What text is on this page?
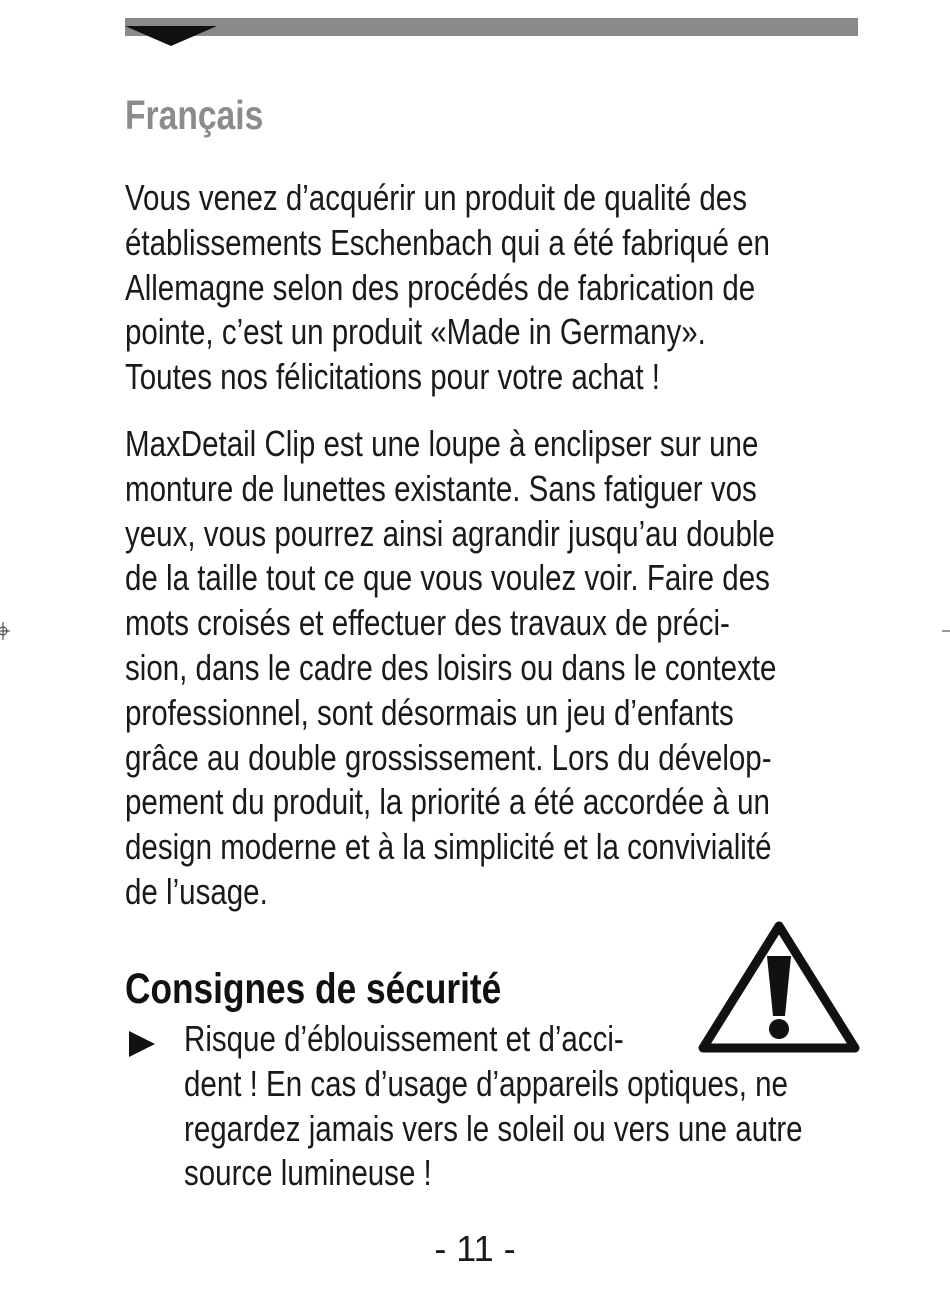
Français

Vous venez d’acquérir un produit de qualité des
établissements Eschenbach qui a été fabriqué en
Allemagne selon des procédés de fabrication de
pointe, c’est un produit «Made in Germany».
Toutes nos félicitations pour votre achat !

MaxDetail Clip est une loupe à enclipser sur une
monture de lunettes existante. Sans fatiguer vos
yeux, vous pourrez ainsi agrandir jusqu’au double
de la taille tout ce que vous voulez voir. Faire des
mots croisés et effectuer des travaux de préci-
sion, dans le cadre des loisirs ou dans le contexte
professionnel, sont désormais un jeu d’enfants
grâce au double grossissement. Lors du dévelop-
pement du produit, la priorité a été accordée à un
design moderne et à la simplicité et la convivialité
de l’usage.

Consignes de sécurité

Risque d’éblouissement et d’acci-
dent ! En cas d’usage d’appareils optiques, ne
regardez jamais vers le soleil ou vers une autre
source lumineuse !

- 11 -
